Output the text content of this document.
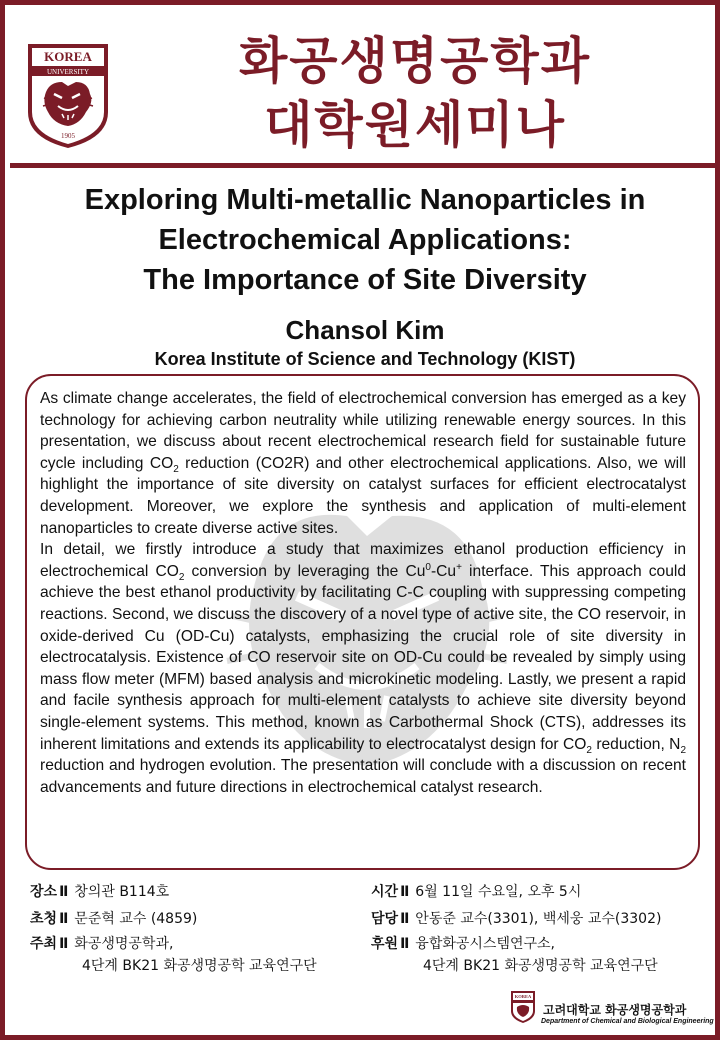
KOREA
UNIVERSITY
1905
화공생명공학과
대학원세미나
Exploring Multi-metallic Nanoparticles in
Electrochemical Applications:
The Importance of Site Diversity
Chansol Kim
Korea Institute of Science and Technology (KIST)

As climate change accelerates, the field of electrochemical conversion has emerged as a key technology for achieving carbon neutrality while utilizing renewable energy sources. In this presentation, we discuss about recent electrochemical research field for sustainable future cycle including $CO_2$ reduction (CO2R) and other electrochemical applications. Also, we will highlight the importance of site diversity on catalyst surfaces for efficient electrocatalyst development. Moreover, we explore the synthesis and application of multi-element nanoparticles to create diverse active sites.

In detail, we firstly introduce a study that maximizes ethanol production efficiency in electrochemical $CO_2$ conversion by leveraging the Cu$^0$-Cu+ interface. This approach could achieve the best ethanol productivity by facilitating C-C coupling with suppressing competing reactions. Second, we discuss the discovery of a novel type of active site, the CO reservoir, in oxide-derived Cu (OD-Cu) catalysts, emphasizing the crucial role of site diversity in electrocatalysis. Existence of CO reservoir site on OD-Cu could be revealed by simply using mass flow meter (MFM) based analysis and microkinetic modeling. Lastly, we present a rapid and facile synthesis approach for multi-element catalysts to achieve site diversity beyond single-element systems. This method, known as Carbothermal Shock (CTS), addresses its inherent limitations and extends its applicability to electrocatalyst design for $CO_2$ reduction, $N_2$ reduction and hydrogen evolution. The presentation will conclude with a discussion on recent advancements and future directions in electrochemical catalyst research.

장소 Ⅱ 창의관 B114호
초청 Ⅱ 문준혁 교수 (4859)
주최 Ⅱ 화공생명공학과,
4단계 BK21 화공생명공학 교육연구단
시간 Ⅱ 6월 11일 수요일, 오후 5시
담당 Ⅱ 안동준 교수(3301), 백세웅 교수(3302)
후원 Ⅱ 융합화공시스템연구소,
4단계 BK21 화공생명공학 교육연구단
KOREA
고려대학교 화공생명공학과
Department of Chemical and Biological Engineering
